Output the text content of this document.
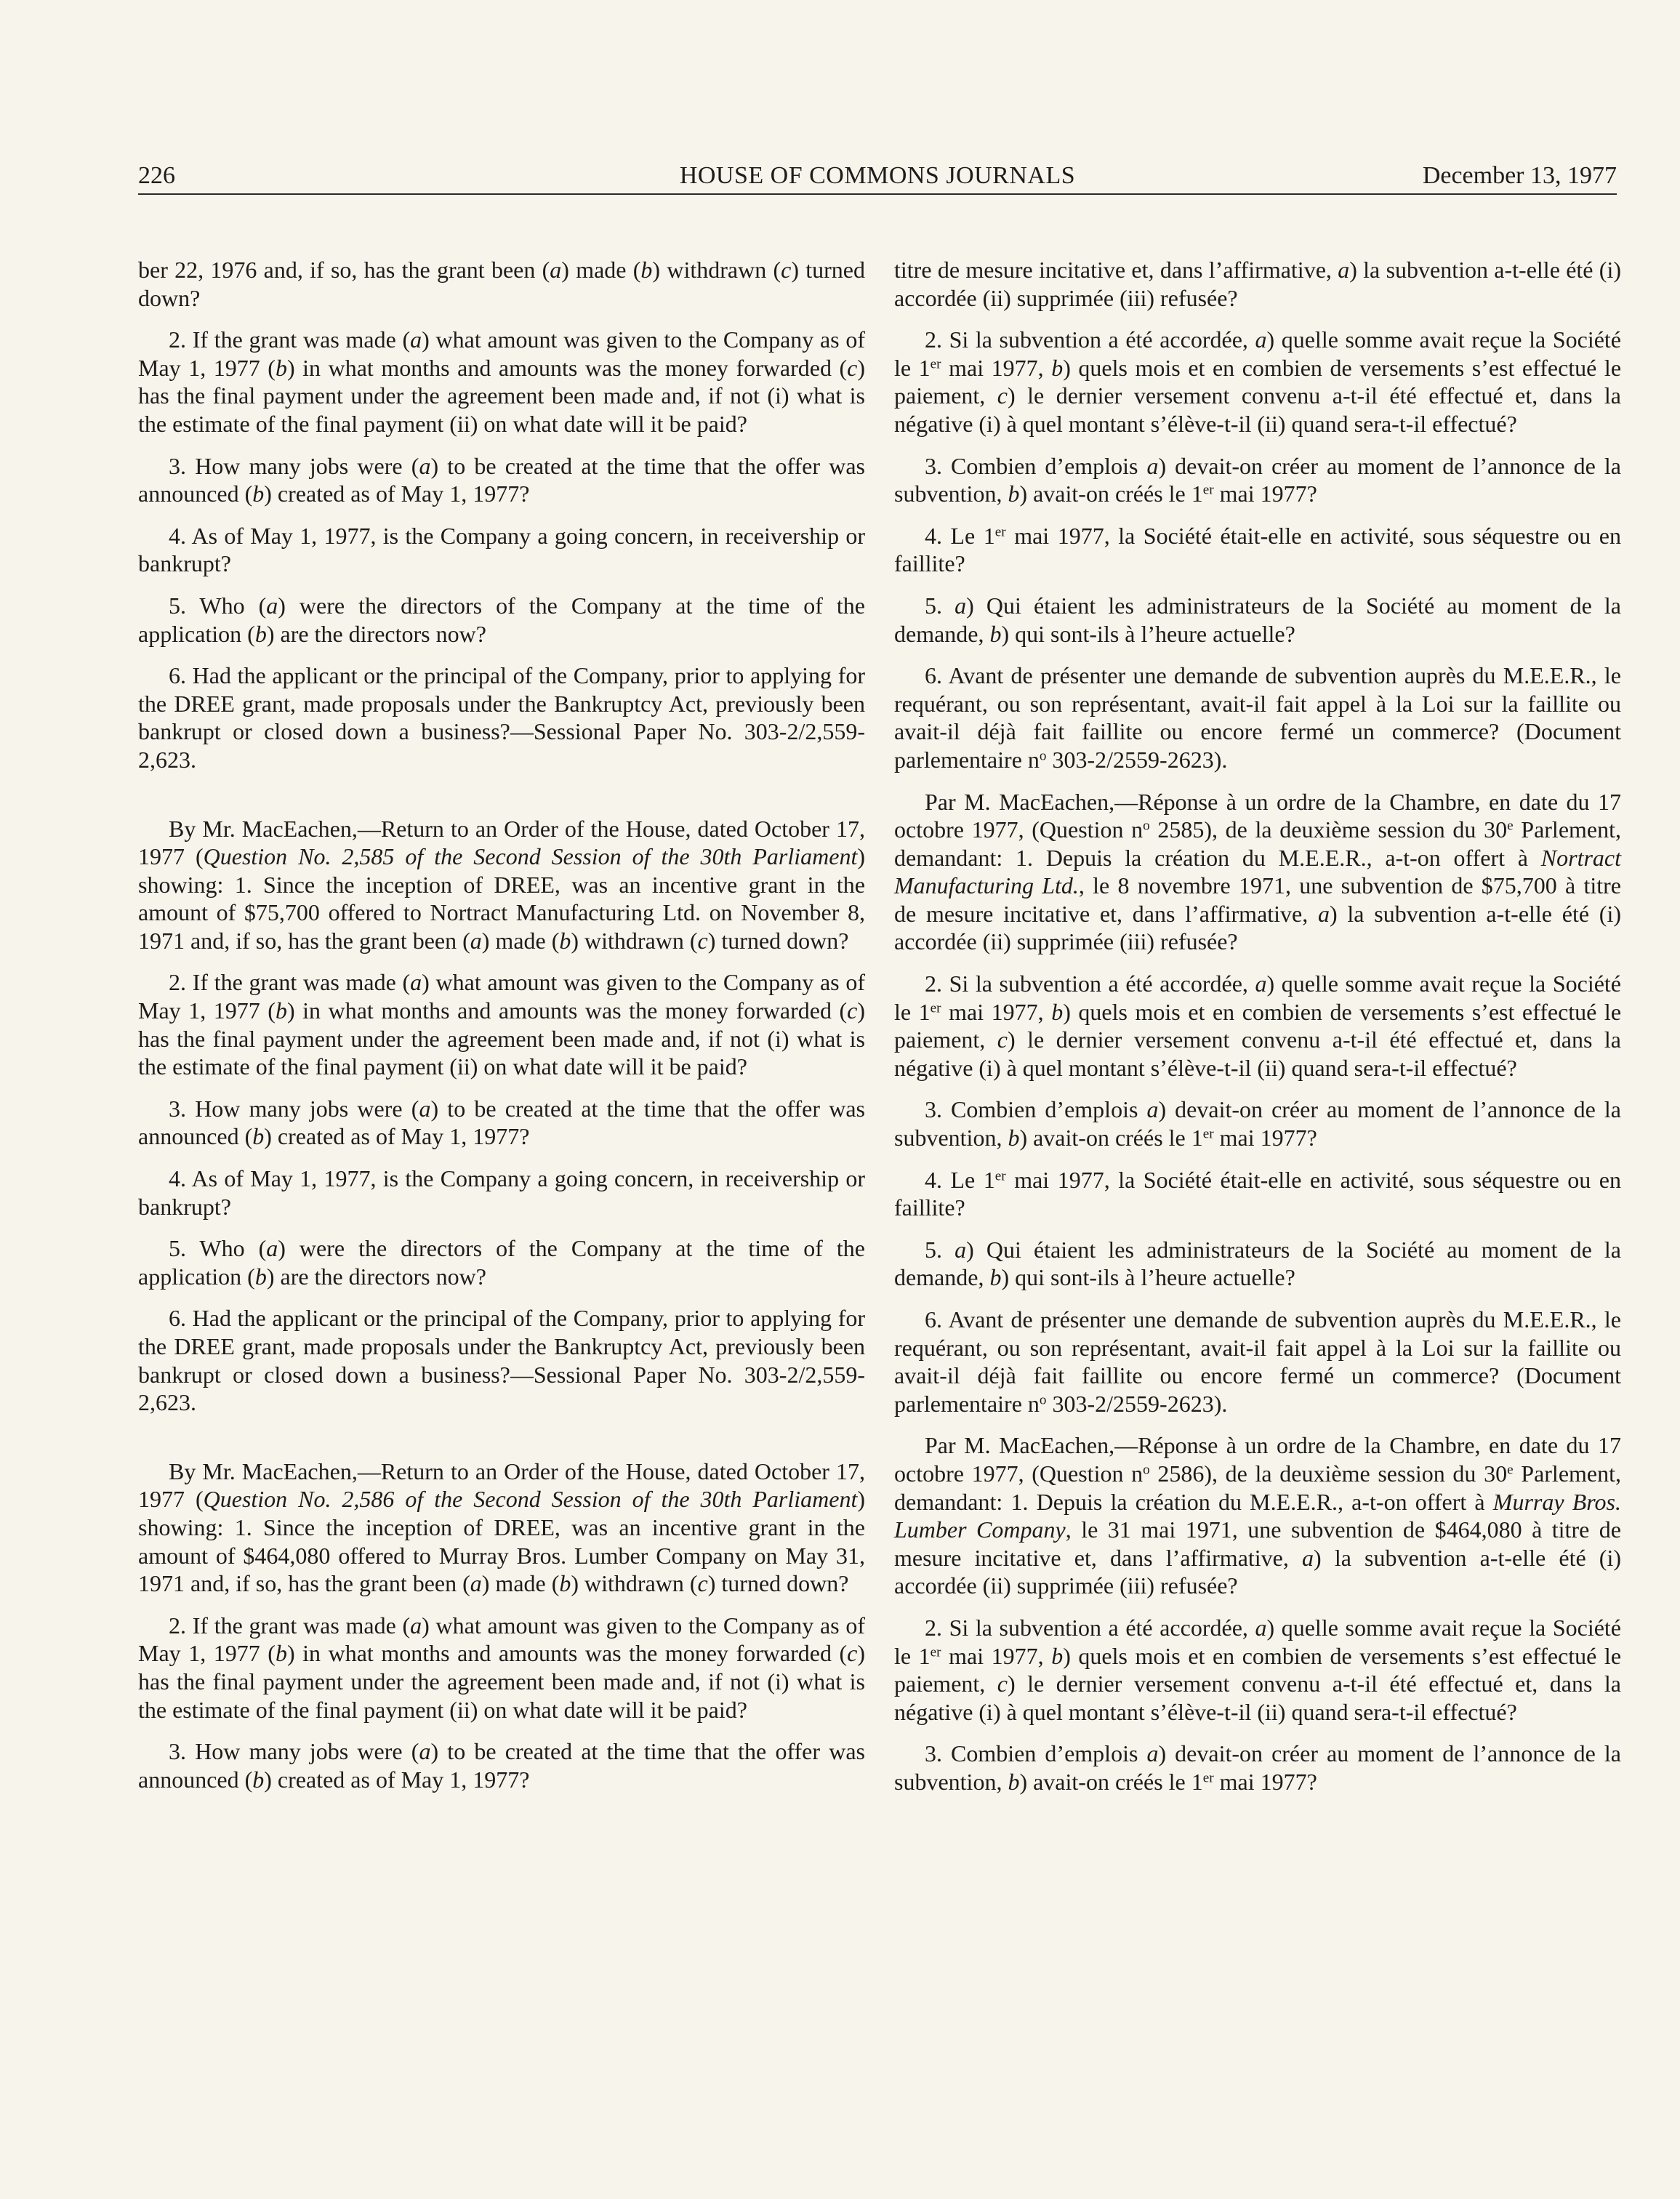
226	HOUSE OF COMMONS JOURNALS	December 13, 1977

ber 22, 1976 and, if so, has the grant been (a) made (b) withdrawn (c) turned down?

2. If the grant was made (a) what amount was given to the Company as of May 1, 1977 (b) in what months and amounts was the money forwarded (c) has the final payment under the agreement been made and, if not (i) what is the estimate of the final payment (ii) on what date will it be paid?

3. How many jobs were (a) to be created at the time that the offer was announced (b) created as of May 1, 1977?

4. As of May 1, 1977, is the Company a going concern, in receivership or bankrupt?

5. Who (a) were the directors of the Company at the time of the application (b) are the directors now?

6. Had the applicant or the principal of the Company, prior to applying for the DREE grant, made proposals under the Bankruptcy Act, previously been bankrupt or closed down a business?—Sessional Paper No. 303-2/2,559-2,623.

By Mr. MacEachen,—Return to an Order of the House, dated October 17, 1977 (Question No. 2,585 of the Second Session of the 30th Parliament) showing: 1. Since the inception of DREE, was an incentive grant in the amount of $75,700 offered to Nortract Manufacturing Ltd. on November 8, 1971 and, if so, has the grant been (a) made (b) withdrawn (c) turned down?

2. If the grant was made (a) what amount was given to the Company as of May 1, 1977 (b) in what months and amounts was the money forwarded (c) has the final payment under the agreement been made and, if not (i) what is the estimate of the final payment (ii) on what date will it be paid?

3. How many jobs were (a) to be created at the time that the offer was announced (b) created as of May 1, 1977?

4. As of May 1, 1977, is the Company a going concern, in receivership or bankrupt?

5. Who (a) were the directors of the Company at the time of the application (b) are the directors now?

6. Had the applicant or the principal of the Company, prior to applying for the DREE grant, made proposals under the Bankruptcy Act, previously been bankrupt or closed down a business?—Sessional Paper No. 303-2/2,559-2,623.

By Mr. MacEachen,—Return to an Order of the House, dated October 17, 1977 (Question No. 2,586 of the Second Session of the 30th Parliament) showing: 1. Since the inception of DREE, was an incentive grant in the amount of $464,080 offered to Murray Bros. Lumber Company on May 31, 1971 and, if so, has the grant been (a) made (b) withdrawn (c) turned down?

2. If the grant was made (a) what amount was given to the Company as of May 1, 1977 (b) in what months and amounts was the money forwarded (c) has the final payment under the agreement been made and, if not (i) what is the estimate of the final payment (ii) on what date will it be paid?

3. How many jobs were (a) to be created at the time that the offer was announced (b) created as of May 1, 1977?

titre de mesure incitative et, dans l’affirmative, a) la subvention a-t-elle été (i) accordée (ii) supprimée (iii) refusée?

2. Si la subvention a été accordée, a) quelle somme avait reçue la Société le 1er mai 1977, b) quels mois et en combien de versements s’est effectué le paiement, c) le dernier versement convenu a-t-il été effectué et, dans la négative (i) à quel montant s’élève-t-il (ii) quand sera-t-il effectué?

3. Combien d’emplois a) devait-on créer au moment de l’annonce de la subvention, b) avait-on créés le 1er mai 1977?

4. Le 1er mai 1977, la Société était-elle en activité, sous séquestre ou en faillite?

5. a) Qui étaient les administrateurs de la Société au moment de la demande, b) qui sont-ils à l’heure actuelle?

6. Avant de présenter une demande de subvention auprès du M.E.E.R., le requérant, ou son représentant, avait-il fait appel à la Loi sur la faillite ou avait-il déjà fait faillite ou encore fermé un commerce? (Document parlementaire $n^o$ 303-2/2559-2623).

Par M. MacEachen,—Réponse à un ordre de la Chambre, en date du 17 octobre 1977, (Question $n^o$ 2585), de la deuxième session du 30e Parlement, demandant: 1. Depuis la création du M.E.E.R., a-t-on offert à Nortract Manufacturing Ltd., le 8 novembre 1971, une subvention de $75,700 à titre de mesure incitative et, dans l’affirmative, a) la subvention a-t-elle été (i) accordée (ii) supprimée (iii) refusée?

2. Si la subvention a été accordée, a) quelle somme avait reçue la Société le 1er mai 1977, b) quels mois et en combien de versements s’est effectué le paiement, c) le dernier versement convenu a-t-il été effectué et, dans la négative (i) à quel montant s’élève-t-il (ii) quand sera-t-il effectué?

3. Combien d’emplois a) devait-on créer au moment de l’annonce de la subvention, b) avait-on créés le 1er mai 1977?

4. Le 1er mai 1977, la Société était-elle en activité, sous séquestre ou en faillite?

5. a) Qui étaient les administrateurs de la Société au moment de la demande, b) qui sont-ils à l’heure actuelle?

6. Avant de présenter une demande de subvention auprès du M.E.E.R., le requérant, ou son représentant, avait-il fait appel à la Loi sur la faillite ou avait-il déjà fait faillite ou encore fermé un commerce? (Document parlementaire $n^o$ 303-2/2559-2623).

Par M. MacEachen,—Réponse à un ordre de la Chambre, en date du 17 octobre 1977, (Question $n^o$ 2586), de la deuxième session du 30e Parlement, demandant: 1. Depuis la création du M.E.E.R., a-t-on offert à Murray Bros. Lumber Company, le 31 mai 1971, une subvention de $464,080 à titre de mesure incitative et, dans l’affirmative, a) la subvention a-t-elle été (i) accordée (ii) supprimée (iii) refusée?

2. Si la subvention a été accordée, a) quelle somme avait reçue la Société le 1er mai 1977, b) quels mois et en combien de versements s’est effectué le paiement, c) le dernier versement convenu a-t-il été effectué et, dans la négative (i) à quel montant s’élève-t-il (ii) quand sera-t-il effectué?

3. Combien d’emplois a) devait-on créer au moment de l’annonce de la subvention, b) avait-on créés le 1er mai 1977?
